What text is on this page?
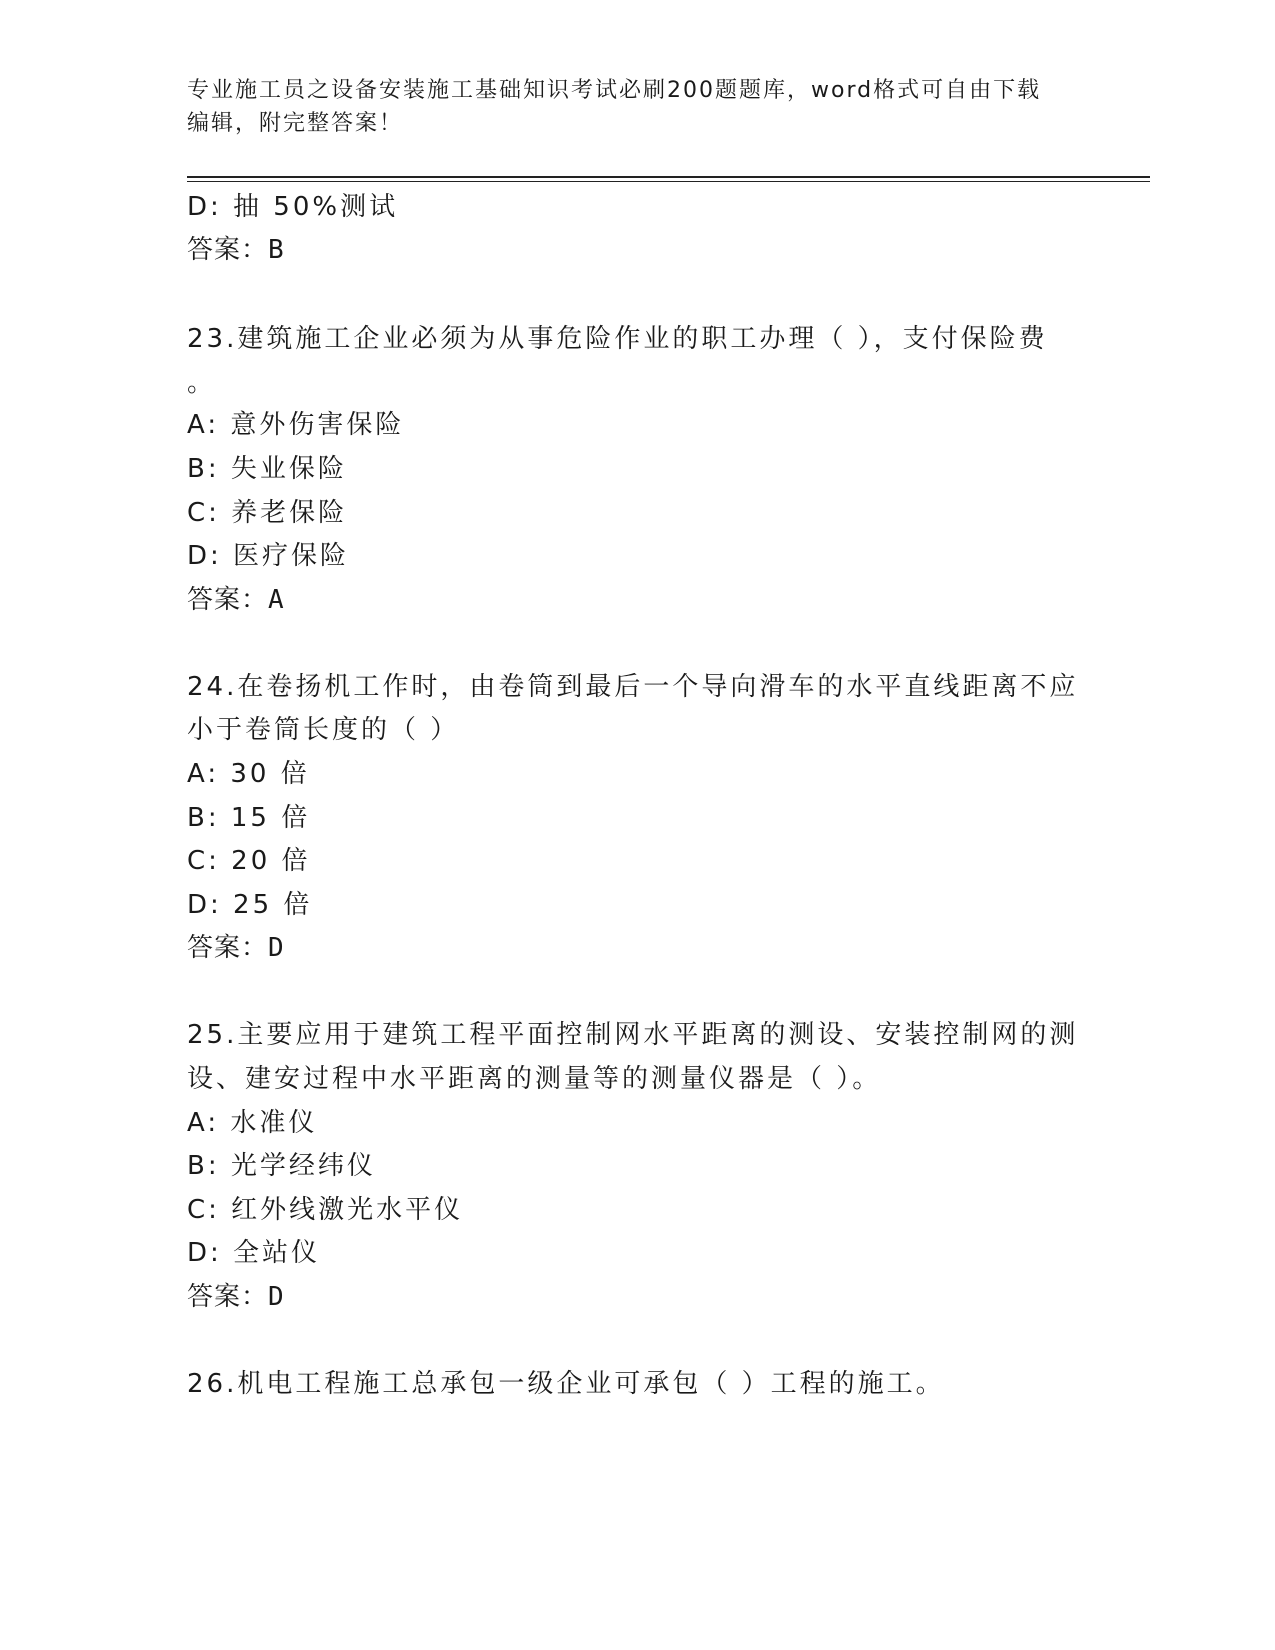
专业施工员之设备安装施工基础知识考试必刷200题题库，word格式可自由下载
编辑，附完整答案！
D: 抽 50%测试
答案：B
23.建筑施工企业必须为从事危险作业的职工办理（ ），支付保险费
。
A: 意外伤害保险
B: 失业保险
C: 养老保险
D: 医疗保险
答案：A
24.在卷扬机工作时，由卷筒到最后一个导向滑车的水平直线距离不应
小于卷筒长度的（ ）
A: 30 倍
B: 15 倍
C: 20 倍
D: 25 倍
答案：D
25.主要应用于建筑工程平面控制网水平距离的测设、安装控制网的测
设、建安过程中水平距离的测量等的测量仪器是（ ）。
A: 水准仪
B: 光学经纬仪
C: 红外线激光水平仪
D: 全站仪
答案：D
26.机电工程施工总承包一级企业可承包（ ）工程的施工。
